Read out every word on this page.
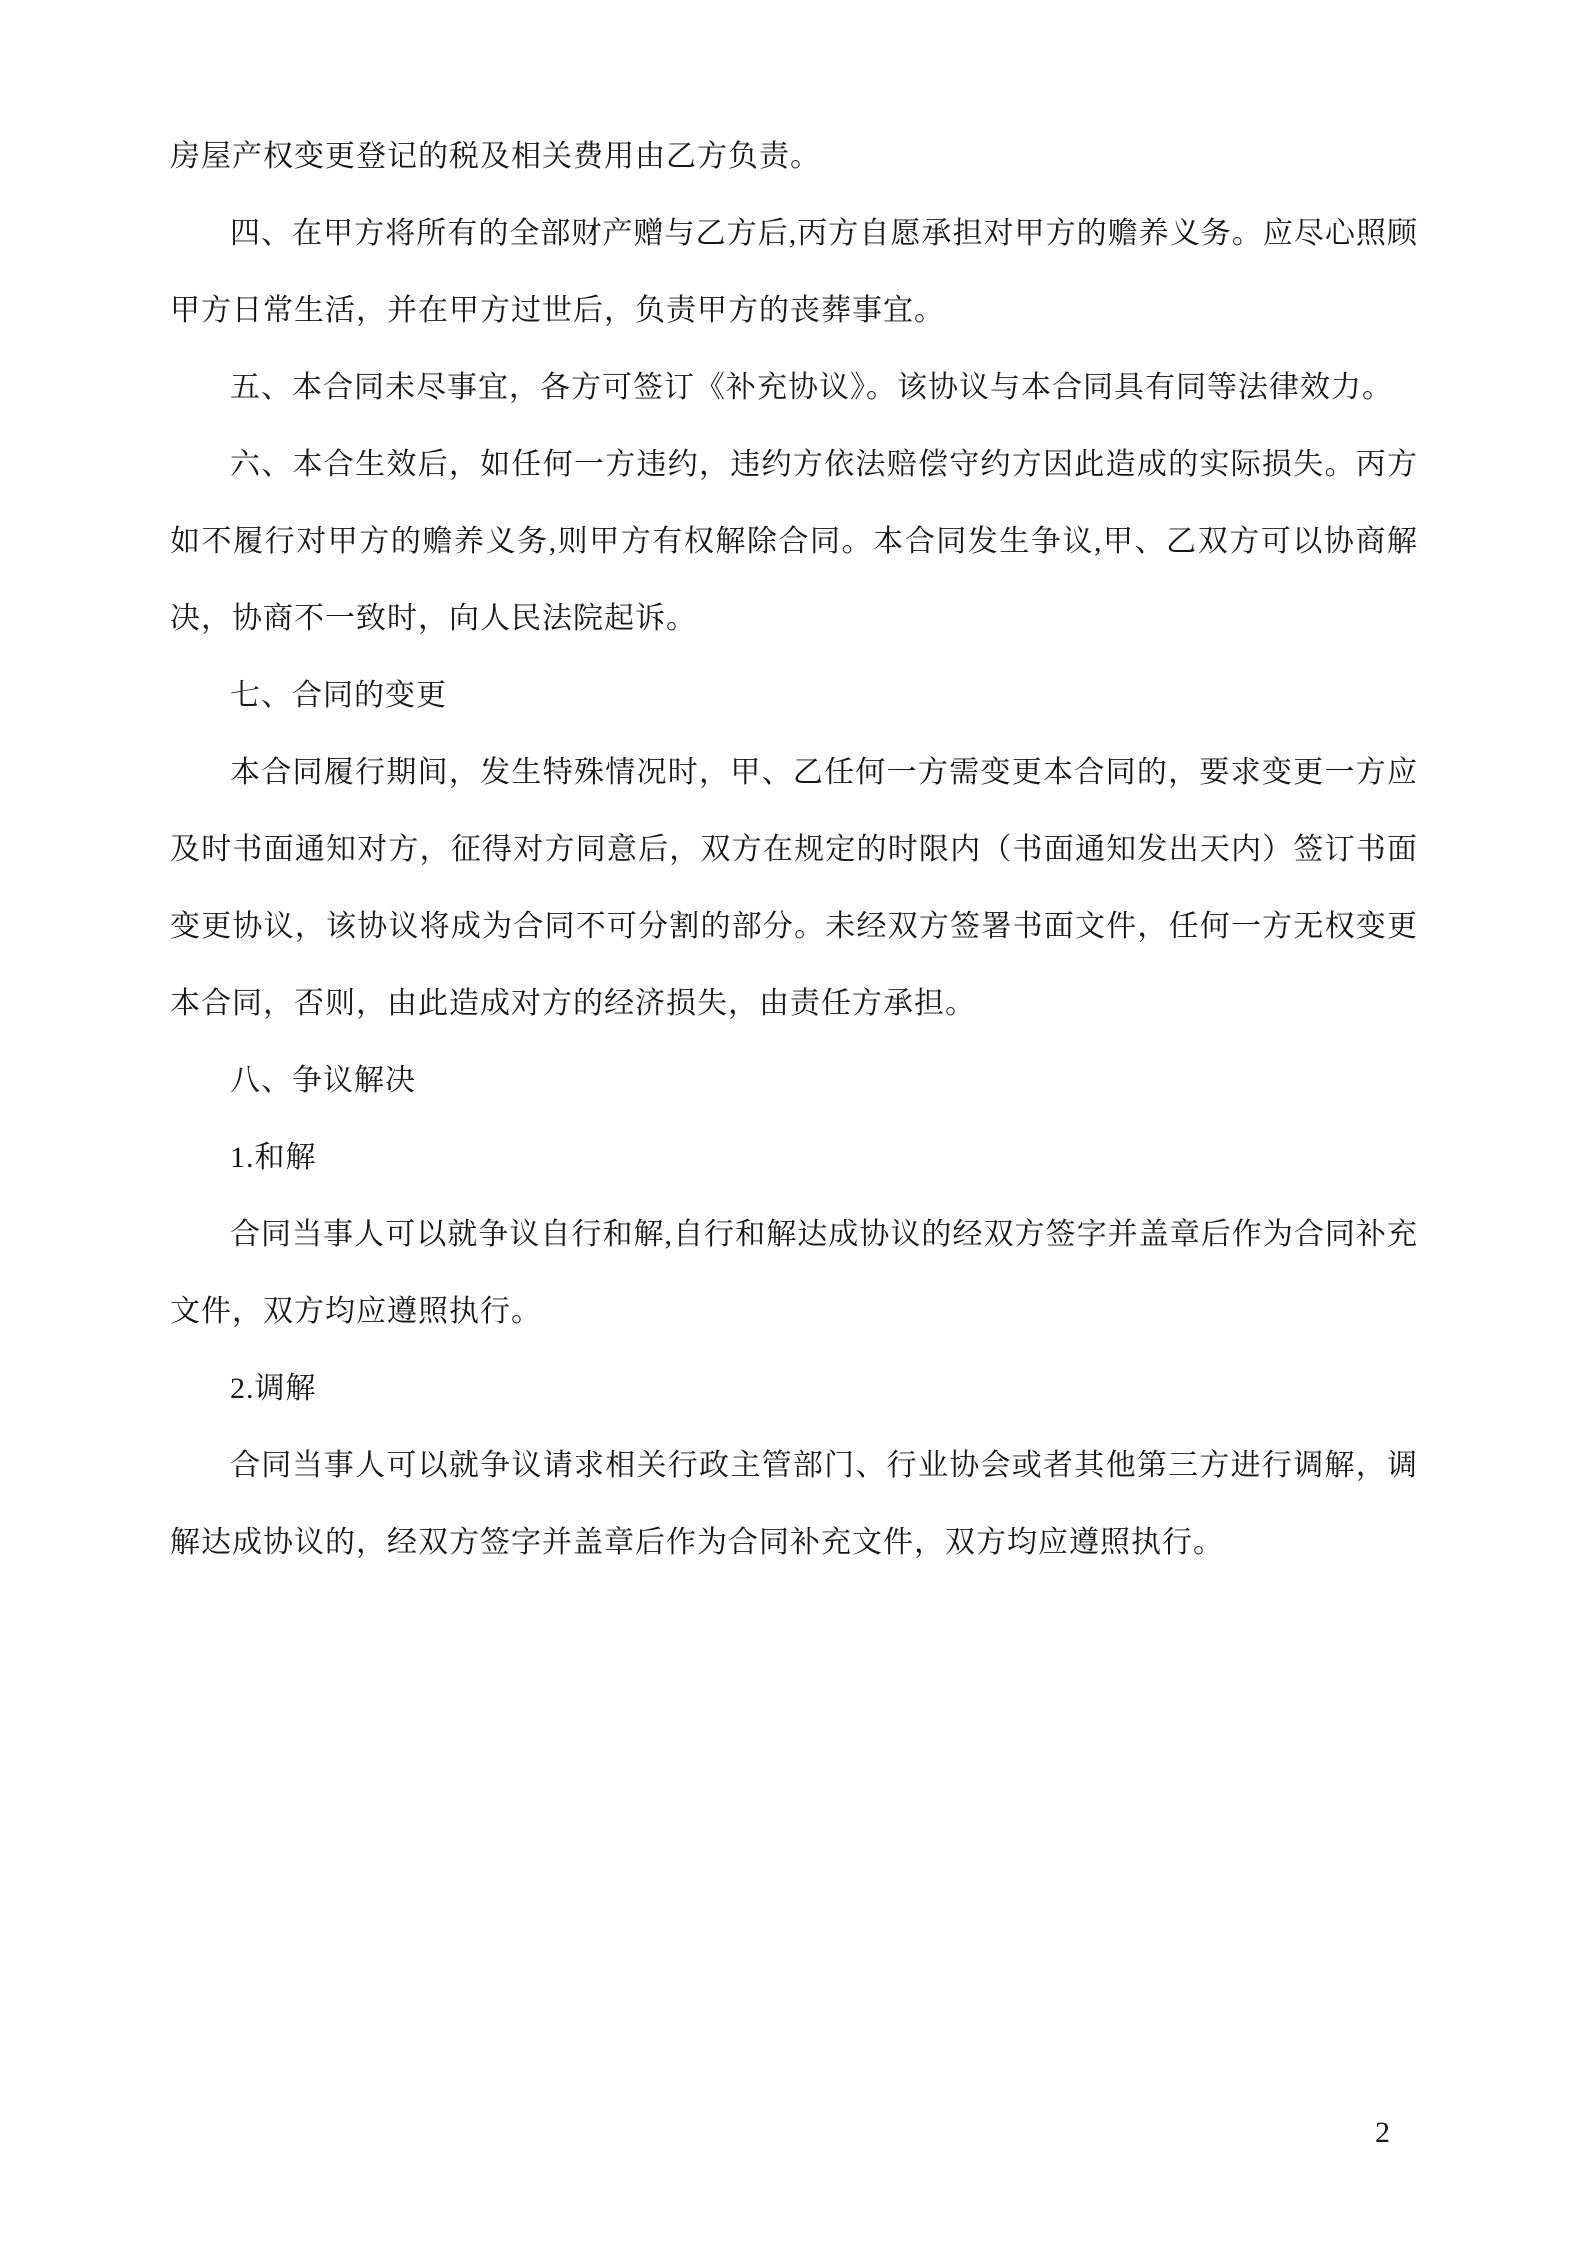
房屋产权变更登记的税及相关费用由乙方负责。

四、在甲方将所有的全部财产赠与乙方后,丙方自愿承担对甲方的赡养义务。应尽心照顾甲方日常生活，并在甲方过世后，负责甲方的丧葬事宜。

五、本合同未尽事宜，各方可签订《补充协议》。该协议与本合同具有同等法律效力。

六、本合生效后，如任何一方违约，违约方依法赔偿守约方因此造成的实际损失。丙方如不履行对甲方的赡养义务,则甲方有权解除合同。本合同发生争议,甲、乙双方可以协商解决，协商不一致时，向人民法院起诉。

七、合同的变更

本合同履行期间，发生特殊情况时，甲、乙任何一方需变更本合同的，要求变更一方应及时书面通知对方，征得对方同意后，双方在规定的时限内（书面通知发出天内）签订书面变更协议，该协议将成为合同不可分割的部分。未经双方签署书面文件，任何一方无权变更本合同，否则，由此造成对方的经济损失，由责任方承担。

八、争议解决

1.和解

合同当事人可以就争议自行和解,自行和解达成协议的经双方签字并盖章后作为合同补充文件，双方均应遵照执行。

2.调解

合同当事人可以就争议请求相关行政主管部门、行业协会或者其他第三方进行调解，调解达成协议的，经双方签字并盖章后作为合同补充文件，双方均应遵照执行。

2
